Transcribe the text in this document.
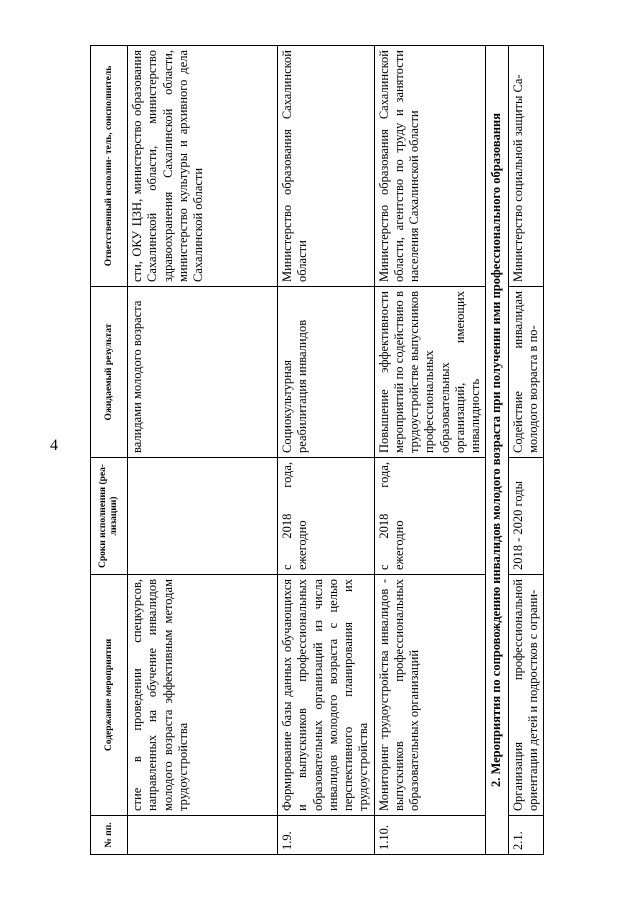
4
№ пп.	Содержание мероприятия	Сроки исполнения (реа- лизации)	Ожидаемый результат	Ответственный исполни- тель, соисполнитель
	стие в проведении спецкурсов, направленных на обучение инвалидов молодого возраста эффективным методам трудоустройства		валидами молодого возраста	сти, ОКУ ЦЗН, министерство образования Сахалинской области, министерство здравоохранения Сахалинской области, министерство культуры и архивного дела Сахалинской области
1.9.	Формирование базы данных обучающихся и выпускников профессиональных образовательных организаций из числа инвалидов молодого возраста с целью перспективного планирования их трудоустройства	с 2018 года, ежегодно	Социокультурная реабилитация инвалидов	Министерство образования Сахалинской области
1.10.	Мониторинг трудоустройства инвалидов - выпускников профессиональных образовательных организаций	с 2018 года, ежегодно	Повышение эффективности мероприятий по содействию в трудоустройстве выпускников профессиональных образовательных организаций, имеющих инвалидность	Министерство образования Сахалинской области, агентство по труду и занятости населения Сахалинской области
2. Мероприятия по сопровождению инвалидов молодого возраста при получении ими профессионального образования				
2.1.	Организация профессиональной ориентации детей и подростков с ограни-	2018 - 2020 годы	Содействие инвалидам молодого возраста в по-	Министерство социальной защиты Са-
